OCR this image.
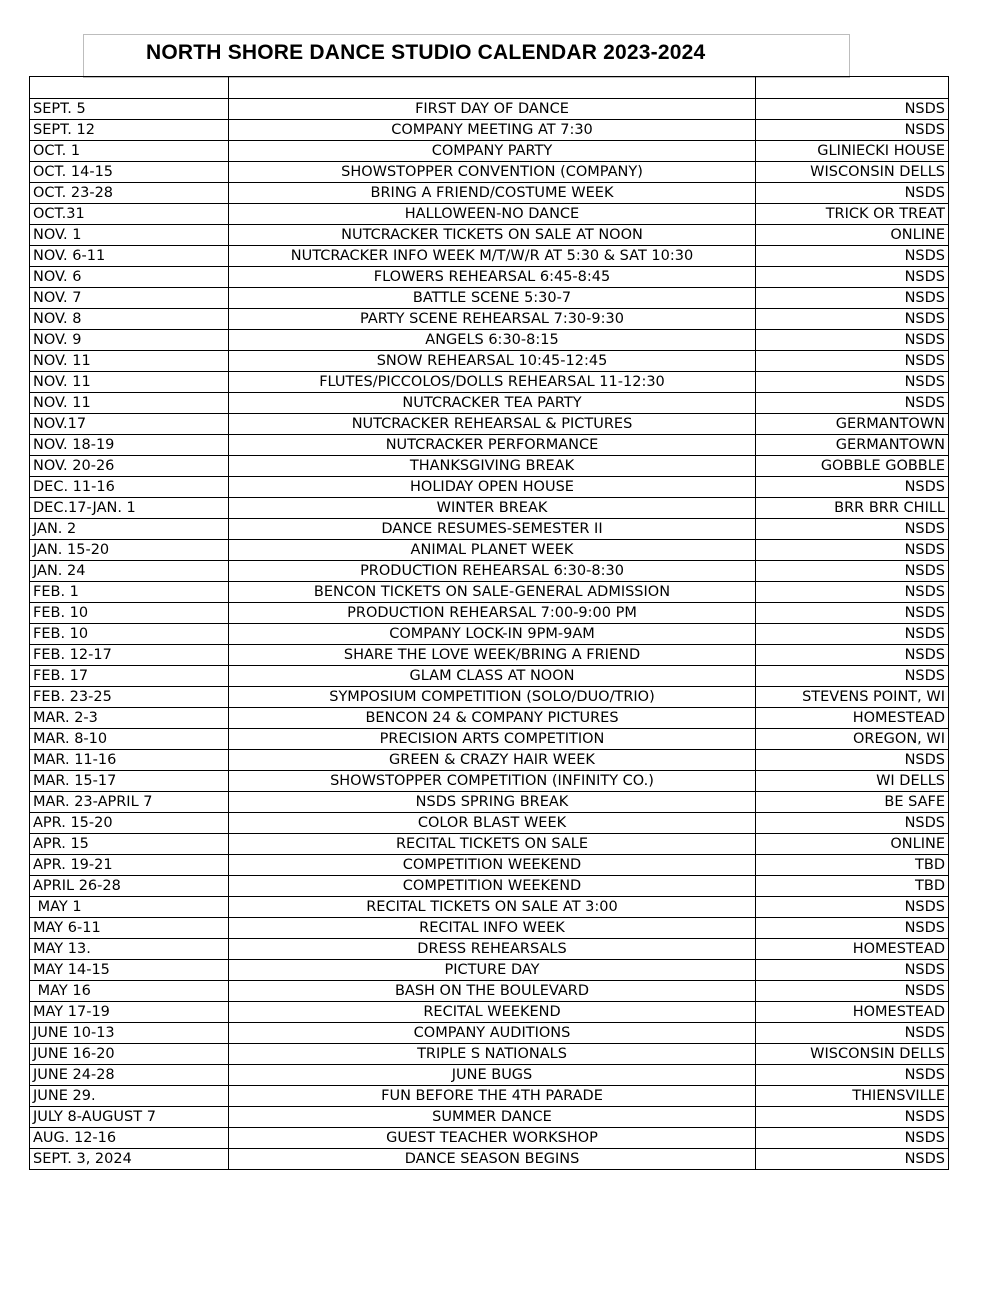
NORTH SHORE DANCE STUDIO CALENDAR 2023-2024

SEPT. 5	FIRST DAY OF DANCE	NSDS
SEPT. 12	COMPANY MEETING AT 7:30	NSDS
OCT. 1	COMPANY PARTY	GLINIECKI HOUSE
OCT. 14-15	SHOWSTOPPER CONVENTION (COMPANY)	WISCONSIN DELLS
OCT. 23-28	BRING A FRIEND/COSTUME WEEK	NSDS
OCT.31	HALLOWEEN-NO DANCE	TRICK OR TREAT
NOV. 1	NUTCRACKER TICKETS ON SALE AT NOON	ONLINE
NOV. 6-11	NUTCRACKER INFO WEEK M/T/W/R AT 5:30 & SAT 10:30	NSDS
NOV. 6	FLOWERS REHEARSAL 6:45-8:45	NSDS
NOV. 7	BATTLE SCENE 5:30-7	NSDS
NOV. 8	PARTY SCENE REHEARSAL 7:30-9:30	NSDS
NOV. 9	ANGELS 6:30-8:15	NSDS
NOV. 11	SNOW REHEARSAL 10:45-12:45	NSDS
NOV. 11	FLUTES/PICCOLOS/DOLLS REHEARSAL 11-12:30	NSDS
NOV. 11	NUTCRACKER TEA PARTY	NSDS
NOV.17	NUTCRACKER REHEARSAL & PICTURES	GERMANTOWN
NOV. 18-19	NUTCRACKER PERFORMANCE	GERMANTOWN
NOV. 20-26	THANKSGIVING BREAK	GOBBLE GOBBLE
DEC. 11-16	HOLIDAY OPEN HOUSE	NSDS
DEC.17-JAN. 1	WINTER BREAK	BRR BRR CHILL
JAN. 2	DANCE RESUMES-SEMESTER II	NSDS
JAN. 15-20	ANIMAL PLANET WEEK	NSDS
JAN. 24	PRODUCTION REHEARSAL 6:30-8:30	NSDS
FEB. 1	BENCON TICKETS ON SALE-GENERAL ADMISSION	NSDS
FEB. 10	PRODUCTION REHEARSAL 7:00-9:00 PM	NSDS
FEB. 10	COMPANY LOCK-IN 9PM-9AM	NSDS
FEB. 12-17	SHARE THE LOVE WEEK/BRING A FRIEND	NSDS
FEB. 17	GLAM CLASS AT NOON	NSDS
FEB. 23-25	SYMPOSIUM COMPETITION (SOLO/DUO/TRIO)	STEVENS POINT, WI
MAR. 2-3	BENCON 24 & COMPANY PICTURES	HOMESTEAD
MAR. 8-10	PRECISION ARTS COMPETITION	OREGON, WI
MAR. 11-16	GREEN & CRAZY HAIR WEEK	NSDS
MAR. 15-17	SHOWSTOPPER COMPETITION (INFINITY CO.)	WI DELLS
MAR. 23-APRIL 7	NSDS SPRING BREAK	BE SAFE
APR. 15-20	COLOR BLAST WEEK	NSDS
APR. 15	RECITAL TICKETS ON SALE	ONLINE
APR. 19-21	COMPETITION WEEKEND	TBD
APRIL 26-28	COMPETITION WEEKEND	TBD
MAY 1	RECITAL TICKETS ON SALE AT 3:00	NSDS
MAY 6-11	RECITAL INFO WEEK	NSDS
MAY 13.	DRESS REHEARSALS	HOMESTEAD
MAY 14-15	PICTURE DAY	NSDS
MAY 16	BASH ON THE BOULEVARD	NSDS
MAY 17-19	RECITAL WEEKEND	HOMESTEAD
JUNE 10-13	COMPANY AUDITIONS	NSDS
JUNE 16-20	TRIPLE S NATIONALS	WISCONSIN DELLS
JUNE 24-28	JUNE BUGS	NSDS
JUNE 29.	FUN BEFORE THE 4TH PARADE	THIENSVILLE
JULY 8-AUGUST 7	SUMMER DANCE	NSDS
AUG. 12-16	GUEST TEACHER WORKSHOP	NSDS
SEPT. 3, 2024	DANCE SEASON BEGINS	NSDS
